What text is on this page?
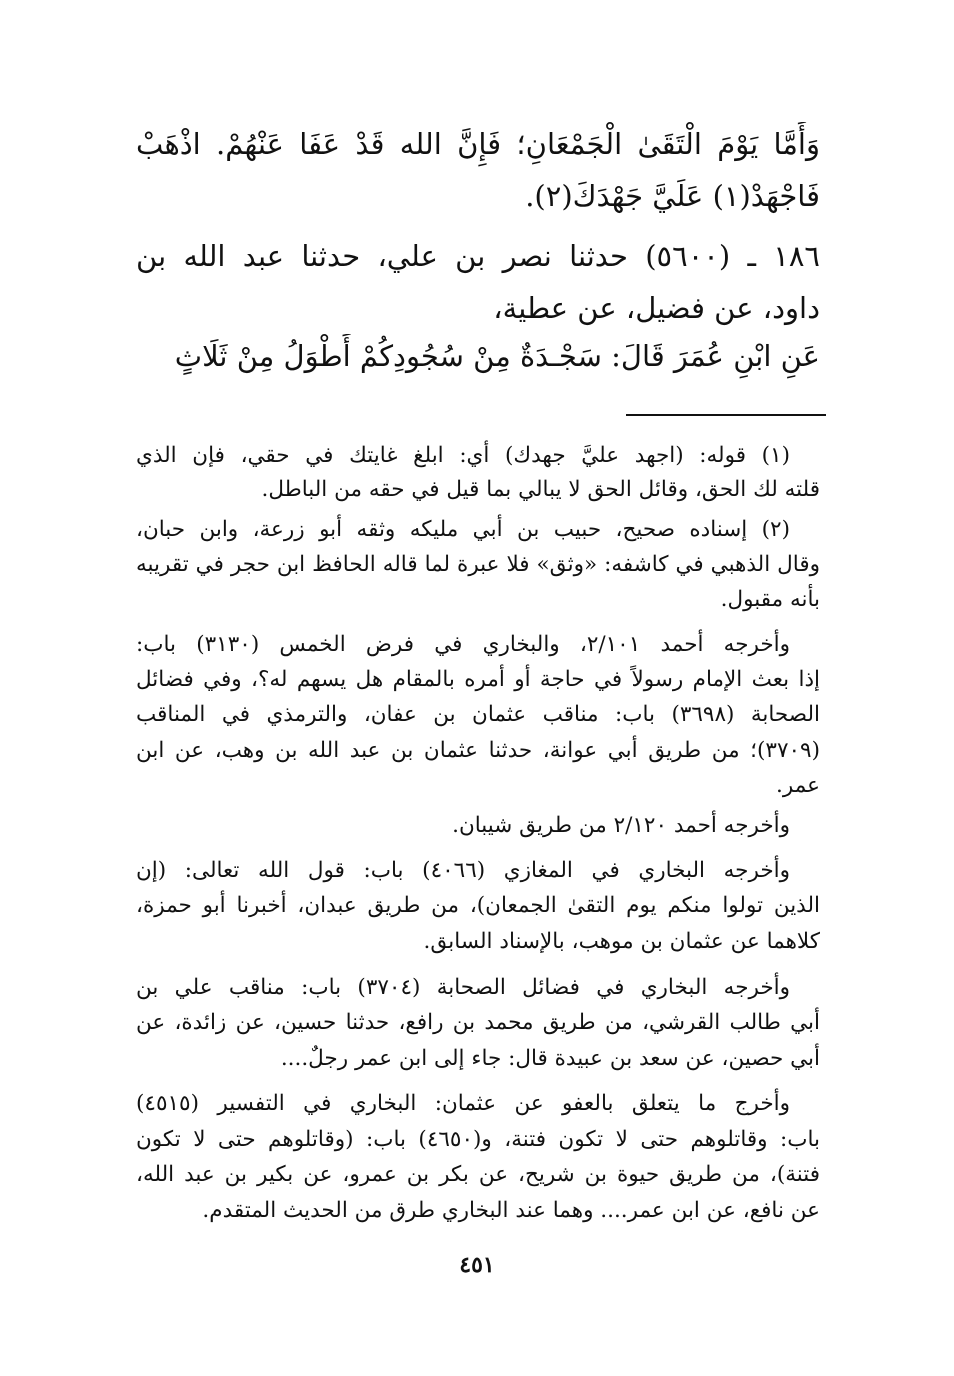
وَأَمَّا يَوْمَ الْتَقَىٰ الْجَمْعَانِ؛ فَإِنَّ الله قَدْ عَفَا عَنْهُمْ. اذْهَبْ
فَاجْهَدْ(١) عَلَيَّ جَهْدَكَ(٢).
١٨٦ ـ (٥٦٠٠) حدثنا نصر بن علي، حدثنا عبد الله بن
داود، عن فضيل، عن عطية،
عَنِ ابْنِ عُمَرَ قَالَ: سَجْـدَةٌ مِنْ سُجُودِكُمْ أَطْوَلُ مِنْ ثَلَاثٍ
(١) قوله: (اجهد عليَّ جهدك) أي: ابلغ غايتك في حقي، فإن الذي
قلته لك الحق، وقائل الحق لا يبالي بما قيل في حقه من الباطل.
(٢) إسناده صحيح، حبيب بن أبي مليكه وثقه أبو زرعة، وابن حبان،
وقال الذهبي في كاشفه: «وثق» فلا عبرة لما قاله الحافظ ابن حجر في تقريبه
بأنه مقبول.
وأخرجه أحمد ٢/١٠١، والبخاري في فرض الخمس (٣١٣٠) باب:
إذا بعث الإمام رسولاً في حاجة أو أمره بالمقام هل يسهم له؟، وفي فضائل
الصحابة (٣٦٩٨) باب: مناقب عثمان بن عفان، والترمذي في المناقب
(٣٧٠٩)؛ من طريق أبي عوانة، حدثنا عثمان بن عبد الله بن وهب، عن ابن
عمر.
وأخرجه أحمد ٢/١٢٠ من طريق شيبان.
وأخرجه البخاري في المغازي (٤٠٦٦) باب: قول الله تعالى: (إن
الذين تولوا منكم يوم التقىٰ الجمعان)، من طريق عبدان، أخبرنا أبو حمزة،
كلاهما عن عثمان بن موهب، بالإسناد السابق.
وأخرجه البخاري في فضائل الصحابة (٣٧٠٤) باب: مناقب علي بن
أبي طالب القرشي، من طريق محمد بن رافع، حدثنا حسين، عن زائدة، عن
أبي حصين، عن سعد بن عبيدة قال: جاء إلى ابن عمر رجلٌ....
وأخرج ما يتعلق بالعفو عن عثمان: البخاري في التفسير (٤٥١٥)
باب: وقاتلوهم حتى لا تكون فتنة، و(٤٦٥٠) باب: (وقاتلوهم حتى لا تكون
فتنة)، من طريق حيوة بن شريح، عن بكر بن عمرو، عن بكير بن عبد الله،
عن نافع، عن ابن عمر.... وهما عند البخاري طرق من الحديث المتقدم.
٤٥١
